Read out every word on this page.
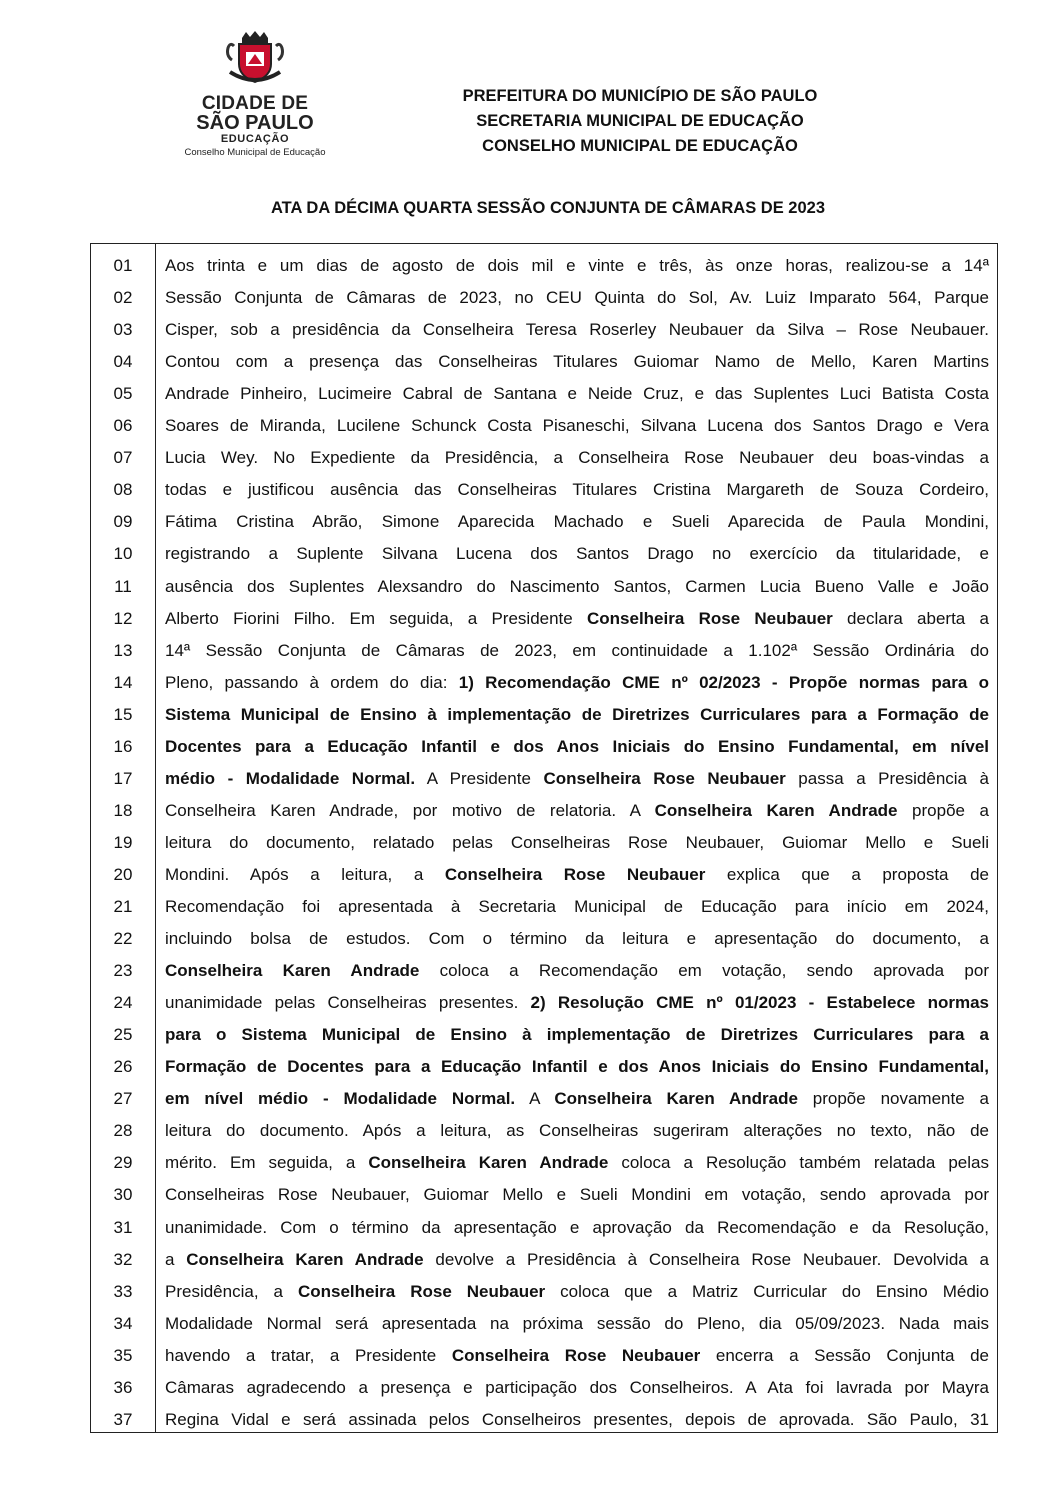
CIDADE DE
SÃO PAULO
EDUCAÇÃO
Conselho Municipal de Educação
PREFEITURA DO MUNICÍPIO DE SÃO PAULO
SECRETARIA MUNICIPAL DE EDUCAÇÃO
CONSELHO MUNICIPAL DE EDUCAÇÃO
ATA DA DÉCIMA QUARTA SESSÃO CONJUNTA DE CÂMARAS DE 2023
01
02
03
04
05
06
07
08
09
10
11
12
13
14
15
16
17
18
19
20
21
22
23
24
25
26
27
28
29
30
31
32
33
34
35
36
37
Aos trinta e um dias de agosto de dois mil e vinte e três, às onze horas, realizou-se a 14ª
Sessão Conjunta de Câmaras de 2023, no CEU Quinta do Sol, Av. Luiz Imparato 564, Parque
Cisper, sob a presidência da Conselheira Teresa Roserley Neubauer da Silva – Rose Neubauer.
Contou com a presença das Conselheiras Titulares Guiomar Namo de Mello, Karen Martins
Andrade Pinheiro, Lucimeire Cabral de Santana e Neide Cruz, e das Suplentes Luci Batista Costa
Soares de Miranda, Lucilene Schunck Costa Pisaneschi, Silvana Lucena dos Santos Drago e Vera
Lucia Wey. No Expediente da Presidência, a Conselheira Rose Neubauer deu boas-vindas a
todas e justificou ausência das Conselheiras Titulares Cristina Margareth de Souza Cordeiro,
Fátima Cristina Abrão, Simone Aparecida Machado e Sueli Aparecida de Paula Mondini,
registrando a Suplente Silvana Lucena dos Santos Drago no exercício da titularidade, e
ausência dos Suplentes Alexsandro do Nascimento Santos, Carmen Lucia Bueno Valle e João
Alberto Fiorini Filho. Em seguida, a Presidente Conselheira Rose Neubauer declara aberta a
14ª Sessão Conjunta de Câmaras de 2023, em continuidade a 1.102ª Sessão Ordinária do
Pleno, passando à ordem do dia: 1) Recomendação CME nº 02/2023 - Propõe normas para o
Sistema Municipal de Ensino à implementação de Diretrizes Curriculares para a Formação de
Docentes para a Educação Infantil e dos Anos Iniciais do Ensino Fundamental, em nível
médio - Modalidade Normal. A Presidente Conselheira Rose Neubauer passa a Presidência à
Conselheira Karen Andrade, por motivo de relatoria. A Conselheira Karen Andrade propõe a
leitura do documento, relatado pelas Conselheiras Rose Neubauer, Guiomar Mello e Sueli
Mondini. Após a leitura, a Conselheira Rose Neubauer explica que a proposta de
Recomendação foi apresentada à Secretaria Municipal de Educação para início em 2024,
incluindo bolsa de estudos. Com o término da leitura e apresentação do documento, a
Conselheira Karen Andrade coloca a Recomendação em votação, sendo aprovada por
unanimidade pelas Conselheiras presentes. 2) Resolução CME nº 01/2023 - Estabelece normas
para o Sistema Municipal de Ensino à implementação de Diretrizes Curriculares para a
Formação de Docentes para a Educação Infantil e dos Anos Iniciais do Ensino Fundamental,
em nível médio - Modalidade Normal. A Conselheira Karen Andrade propõe novamente a
leitura do documento. Após a leitura, as Conselheiras sugeriram alterações no texto, não de
mérito. Em seguida, a Conselheira Karen Andrade coloca a Resolução também relatada pelas
Conselheiras Rose Neubauer, Guiomar Mello e Sueli Mondini em votação, sendo aprovada por
unanimidade. Com o término da apresentação e aprovação da Recomendação e da Resolução,
a Conselheira Karen Andrade devolve a Presidência à Conselheira Rose Neubauer. Devolvida a
Presidência, a Conselheira Rose Neubauer coloca que a Matriz Curricular do Ensino Médio
Modalidade Normal será apresentada na próxima sessão do Pleno, dia 05/09/2023. Nada mais
havendo a tratar, a Presidente Conselheira Rose Neubauer encerra a Sessão Conjunta de
Câmaras agradecendo a presença e participação dos Conselheiros. A Ata foi lavrada por Mayra
Regina Vidal e será assinada pelos Conselheiros presentes, depois de aprovada. São Paulo, 31
